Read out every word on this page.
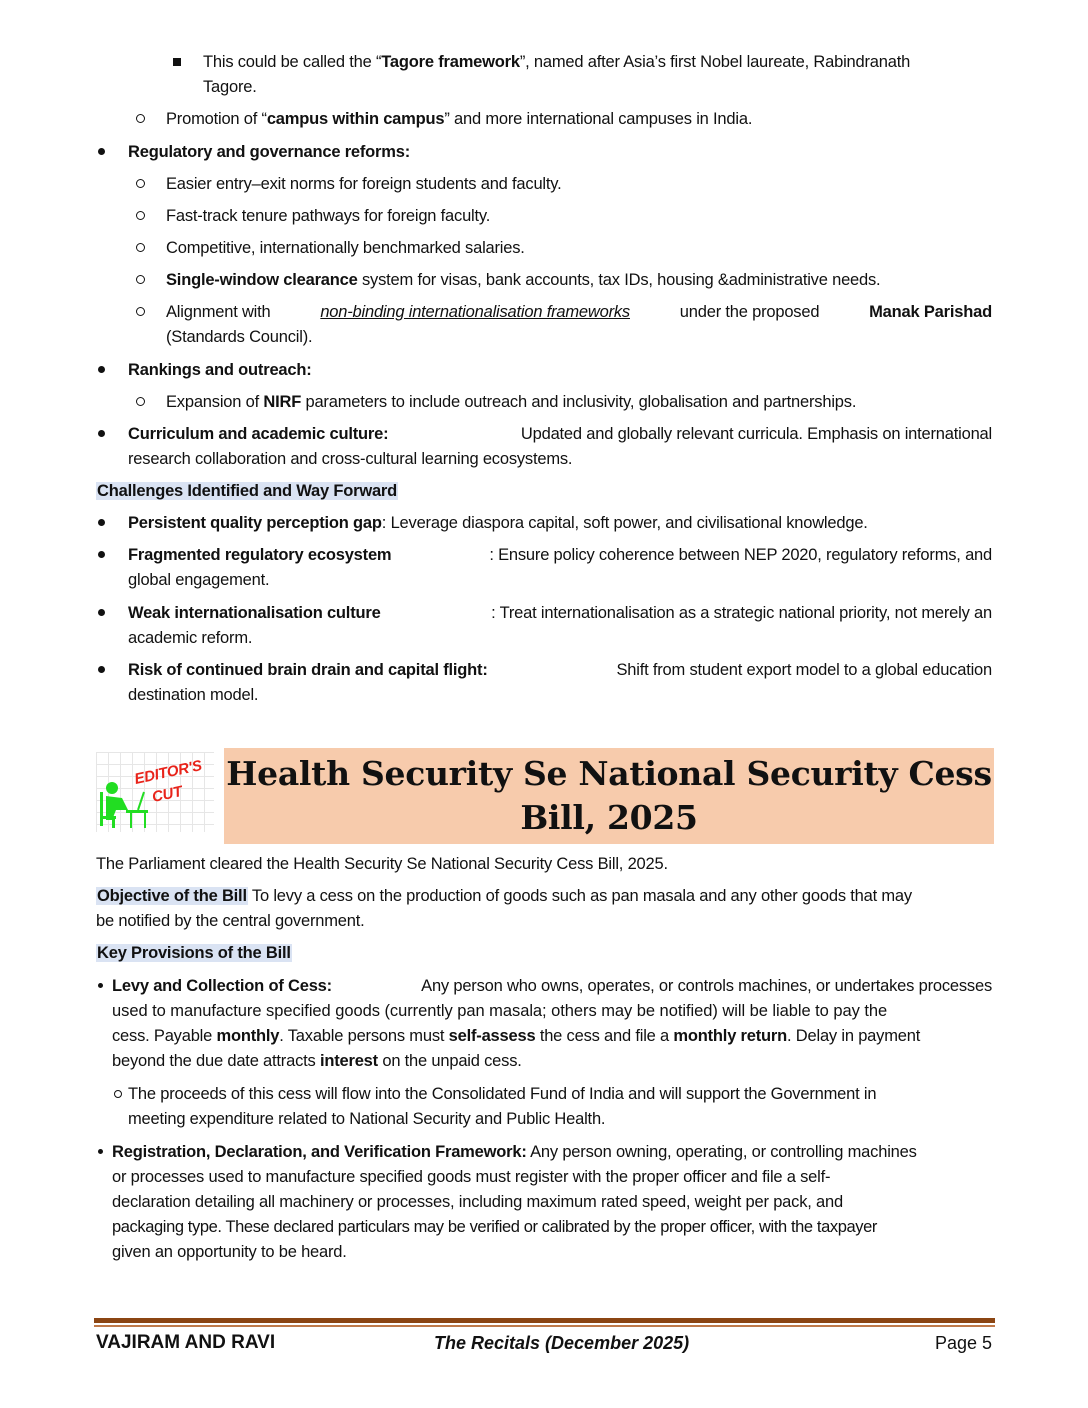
This could be called the “Tagore framework”, named after Asia’s first Nobel laureate, Rabindranath
Tagore.
Promotion of “campus within campus” and more international campuses in India.
Regulatory and governance reforms:
Easier entry–exit norms for foreign students and faculty.
Fast-track tenure pathways for foreign faculty.
Competitive, internationally benchmarked salaries.
Single-window clearance system for visas, bank accounts, tax IDs, housing &administrative needs.
Alignment with	non-binding internationalisation frameworks	under the proposed	Manak Parishad
(Standards Council).
Rankings and outreach:
Expansion of NIRF parameters to include outreach and inclusivity, globalisation and partnerships.
Curriculum and academic culture:	Updated and globally relevant curricula. Emphasis on international
research collaboration and cross-cultural learning ecosystems.
Challenges Identified and Way Forward
Persistent quality perception gap: Leverage diaspora capital, soft power, and civilisational knowledge.
Fragmented regulatory ecosystem	: Ensure policy coherence between NEP 2020, regulatory reforms, and
global engagement.
Weak internationalisation culture	: Treat internationalisation as a strategic national priority, not merely an
academic reform.
Risk of continued brain drain and capital flight:	Shift from student export model to a global education
destination model.
EDITOR'S
CUT
Health Security Se National Security Cess
Bill, 2025
The Parliament cleared the Health Security Se National Security Cess Bill, 2025.
Objective of the Bill To levy a cess on the production of goods such as pan masala and any other goods that may
be notified by the central government.
Key Provisions of the Bill
Levy and Collection of Cess:	Any person who owns, operates, or controls machines, or undertakes processes
used to manufacture specified goods (currently pan masala; others may be notified) will be liable to pay the
cess. Payable monthly. Taxable persons must self-assess the cess and file a monthly return. Delay in payment
beyond the due date attracts interest on the unpaid cess.
The proceeds of this cess will flow into the Consolidated Fund of India and will support the Government in
meeting expenditure related to National Security and Public Health.
Registration, Declaration, and Verification Framework: Any person owning, operating, or controlling machines
or processes used to manufacture specified goods must register with the proper officer and file a self-
declaration detailing all machinery or processes, including maximum rated speed, weight per pack, and
packaging type. These declared particulars may be verified or calibrated by the proper officer, with the taxpayer
given an opportunity to be heard.
VAJIRAM AND RAVI	The Recitals (December 2025)	Page 5
